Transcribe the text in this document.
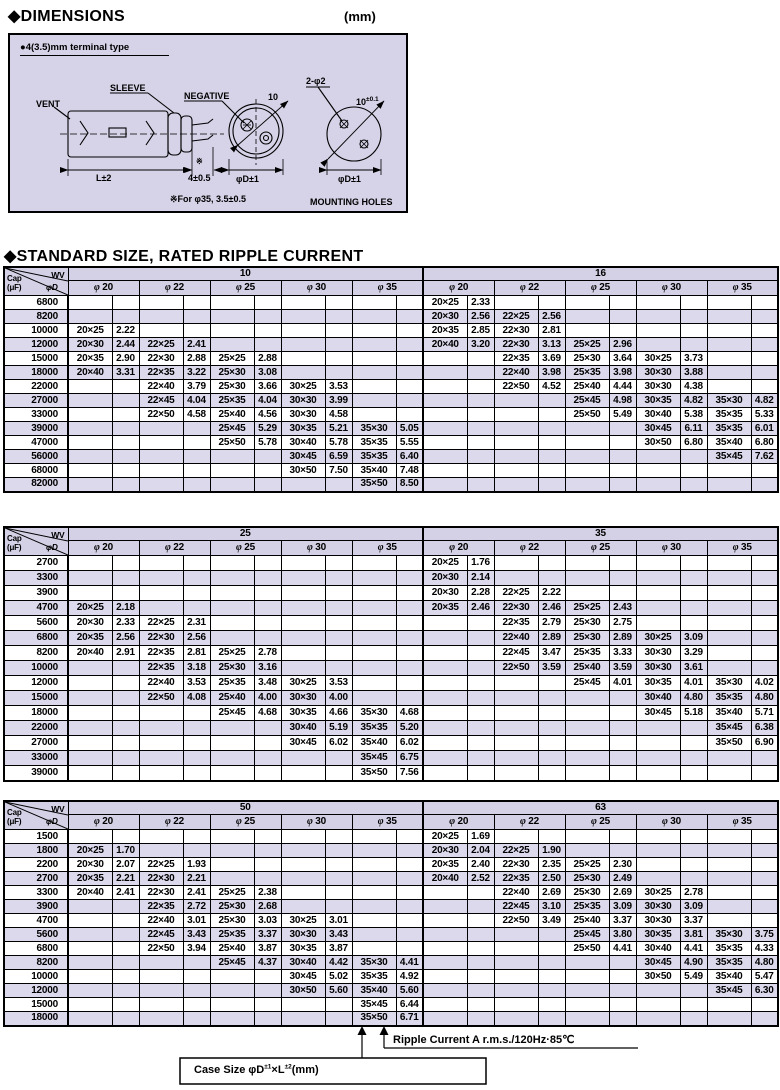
◆DIMENSIONS	(mm)
●4(3.5)mm terminal type
VENT
SLEEVE
NEGATIVE
L±2
※
4±0.5	φD±1
10
2-φ2
$10^{\pm 0.1}$
φD±1
MOUNTING HOLES
※For φ35, 3.5±0.5
◆STANDARD SIZE, RATED RIPPLE CURRENT
WV
φD
Cap
(μF)	10										16									
	φ 20		φ 22		φ 25		φ 30		φ 35		φ 20		φ 22		φ 25		φ 30		φ 35	
6800											20×25	2.33								
8200											20×30	2.56	22×25	2.56						
10000	20×25	2.22									20×35	2.85	22×30	2.81						
12000	20×30	2.44	22×25	2.41							20×40	3.20	22×30	3.13	25×25	2.96				
15000	20×35	2.90	22×30	2.88	25×25	2.88							22×35	3.69	25×30	3.64	30×25	3.73		
18000	20×40	3.31	22×35	3.22	25×30	3.08							22×40	3.98	25×35	3.98	30×30	3.88		
22000			22×40	3.79	25×30	3.66	30×25	3.53					22×50	4.52	25×40	4.44	30×30	4.38		
27000			22×45	4.04	25×35	4.04	30×30	3.99							25×45	4.98	30×35	4.82	35×30	4.82
33000			22×50	4.58	25×40	4.56	30×30	4.58							25×50	5.49	30×40	5.38	35×35	5.33
39000					25×45	5.29	30×35	5.21	35×30	5.05							30×45	6.11	35×35	6.01
47000					25×50	5.78	30×40	5.78	35×35	5.55							30×50	6.80	35×40	6.80
56000							30×45	6.59	35×35	6.40									35×45	7.62
68000							30×50	7.50	35×40	7.48										
82000									35×50	8.50										
WV
φD
Cap
(μF)	25										35									
	φ 20		φ 22		φ 25		φ 30		φ 35		φ 20		φ 22		φ 25		φ 30		φ 35	
2700											20×25	1.76								
3300											20×30	2.14								
3900											20×30	2.28	22×25	2.22						
4700	20×25	2.18									20×35	2.46	22×30	2.46	25×25	2.43				
5600	20×30	2.33	22×25	2.31									22×35	2.79	25×30	2.75				
6800	20×35	2.56	22×30	2.56									22×40	2.89	25×30	2.89	30×25	3.09		
8200	20×40	2.91	22×35	2.81	25×25	2.78							22×45	3.47	25×35	3.33	30×30	3.29		
10000			22×35	3.18	25×30	3.16							22×50	3.59	25×40	3.59	30×30	3.61		
12000			22×40	3.53	25×35	3.48	30×25	3.53							25×45	4.01	30×35	4.01	35×30	4.02
15000			22×50	4.08	25×40	4.00	30×30	4.00									30×40	4.80	35×35	4.80
18000					25×45	4.68	30×35	4.66	35×30	4.68							30×45	5.18	35×40	5.71
22000							30×40	5.19	35×35	5.20									35×45	6.38
27000							30×45	6.02	35×40	6.02									35×50	6.90
33000									35×45	6.75										
39000									35×50	7.56										
WV
φD
Cap
(μF)	50										63									
	φ 20		φ 22		φ 25		φ 30		φ 35		φ 20		φ 22		φ 25		φ 30		φ 35	
1500											20×25	1.69								
1800	20×25	1.70									20×30	2.04	22×25	1.90						
2200	20×30	2.07	22×25	1.93							20×35	2.40	22×30	2.35	25×25	2.30				
2700	20×35	2.21	22×30	2.21							20×40	2.52	22×35	2.50	25×30	2.49				
3300	20×40	2.41	22×30	2.41	25×25	2.38							22×40	2.69	25×30	2.69	30×25	2.78		
3900			22×35	2.72	25×30	2.68							22×45	3.10	25×35	3.09	30×30	3.09		
4700			22×40	3.01	25×30	3.03	30×25	3.01					22×50	3.49	25×40	3.37	30×30	3.37		
5600			22×45	3.43	25×35	3.37	30×30	3.43							25×45	3.80	30×35	3.81	35×30	3.75
6800			22×50	3.94	25×40	3.87	30×35	3.87							25×50	4.41	30×40	4.41	35×35	4.33
8200					25×45	4.37	30×40	4.42	35×30	4.41							30×45	4.90	35×35	4.80
10000							30×45	5.02	35×35	4.92							30×50	5.49	35×40	5.47
12000							30×50	5.60	35×40	5.60									35×45	6.30
15000									35×45	6.44										
18000									35×50	6.71										
Ripple Current A r.m.s./120Hz·85℃
Case Size $\varphi D^{\pm 1}\times L^{\pm 2}(mm)$
